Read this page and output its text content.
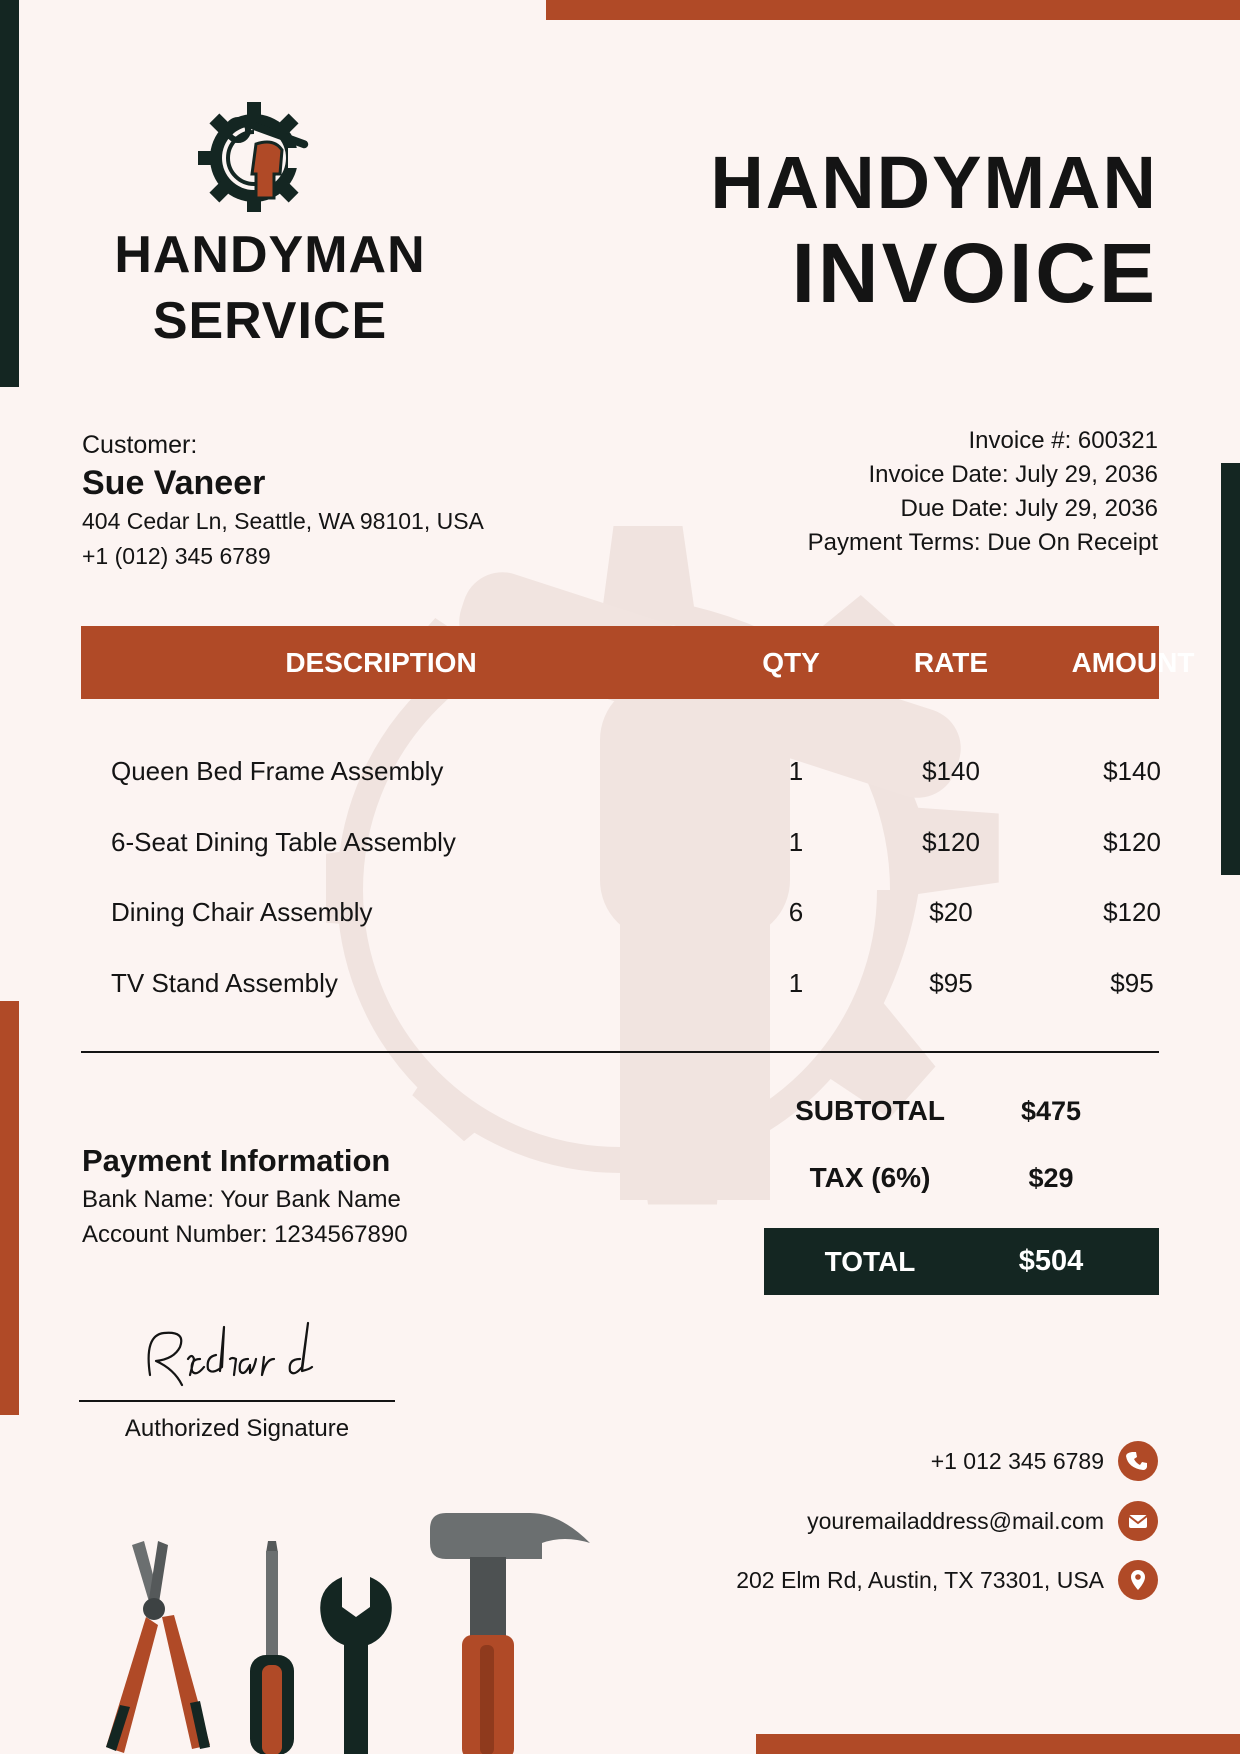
HANDYMAN
SERVICE
HANDYMAN
INVOICE
Customer:
Sue Vaneer
404 Cedar Ln, Seattle, WA 98101, USA
+1 (012) 345 6789
Invoice #: 600321
Invoice Date: July 29, 2036
Due Date: July 29, 2036
Payment Terms: Due On Receipt
DESCRIPTION	QTY	RATE	AMOUNT
Queen Bed Frame Assembly	1	$140	$140
6-Seat Dining Table Assembly	1	$120	$120
Dining Chair Assembly	6	$20	$120
TV Stand Assembly	1	$95	$95
SUBTOTAL	$475
TAX (6%)	$29
TOTAL	$504
Payment Information
Bank Name: Your Bank Name
Account Number: 1234567890
Authorized Signature
+1 012 345 6789
youremailaddress@mail.com
202 Elm Rd, Austin, TX 73301, USA
